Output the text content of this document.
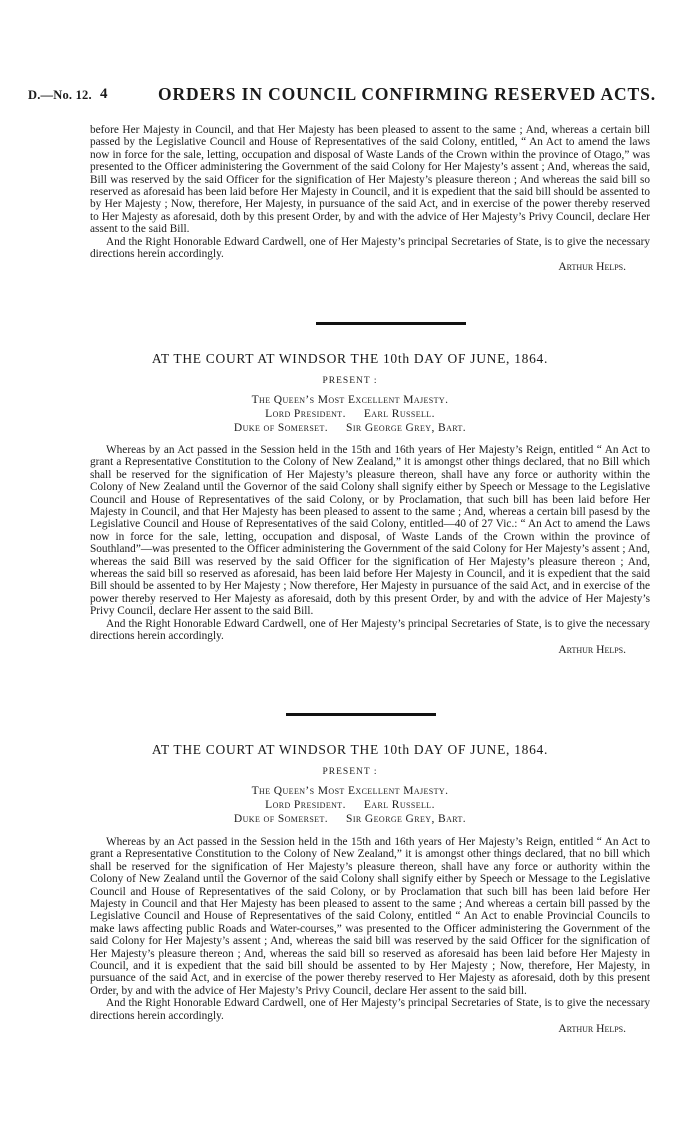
D.—No. 12. 4	ORDERS IN COUNCIL CONFIRMING RESERVED ACTS.

before Her Majesty in Council, and that Her Majesty has been pleased to assent to the same ; And, whereas a certain bill passed by the Legislative Council and House of Representatives of the said Colony, entitled, “ An Act to amend the laws now in force for the sale, letting, occupation and disposal of Waste Lands of the Crown within the province of Otago,” was presented to the Officer administering the Government of the said Colony for Her Majesty’s assent ; And, whereas the said, Bill was reserved by the said Officer for the signification of Her Majesty’s pleasure thereon ; And whereas the said bill so reserved as aforesaid has been laid before Her Majesty in Council, and it is expedient that the said bill should be assented to by Her Majesty ; Now, therefore, Her Majesty, in pursuance of the said Act, and in exercise of the power thereby reserved to Her Majesty as aforesaid, doth by this present Order, by and with the advice of Her Majesty’s Privy Council, declare Her assent to the said Bill.

And the Right Honorable Edward Cardwell, one of Her Majesty’s principal Secretaries of State, is to give the necessary directions herein accordingly.

Arthur Helps.

AT THE COURT AT WINDSOR THE 10th DAY OF JUNE, 1864.
PRESENT :
The Queen’s Most Excellent Majesty.
Lord President. Earl Russell.
Duke of Somerset. Sir George Grey, Bart.

Whereas by an Act passed in the Session held in the 15th and 16th years of Her Majesty’s Reign, entitled “ An Act to grant a Representative Constitution to the Colony of New Zealand,” it is amongst other things declared, that no Bill which shall be reserved for the signification of Her Majesty’s pleasure thereon, shall have any force or authority within the Colony of New Zealand until the Governor of the said Colony shall signify either by Speech or Message to the Legislative Council and House of Representatives of the said Colony, or by Proclamation, that such bill has been laid before Her Majesty in Council, and that Her Majesty has been pleased to assent to the same ; And, whereas a certain bill pasesd by the Legislative Council and House of Representatives of the said Colony, entitled—40 of 27 Vic.: “ An Act to amend the Laws now in force for the sale, letting, occupation and disposal, of Waste Lands of the Crown within the province of Southland”—was presented to the Officer administering the Government of the said Colony for Her Majesty’s assent ; And, whereas the said Bill was reserved by the said Officer for the signification of Her Majesty’s pleasure thereon ; And, whereas the said bill so reserved as aforesaid, has been laid before Her Majesty in Council, and it is expedient that the said Bill should be assented to by Her Majesty ; Now therefore, Her Majesty in pursuance of the said Act, and in exercise of the power thereby reserved to Her Majesty as aforesaid, doth by this present Order, by and with the advice of Her Majesty’s Privy Council, declare Her assent to the said Bill.

And the Right Honorable Edward Cardwell, one of Her Majesty’s principal Secretaries of State, is to give the necessary directions herein accordingly.

Arthur Helps.

AT THE COURT AT WINDSOR THE 10th DAY OF JUNE, 1864.
PRESENT :
The Queen’s Most Excellent Majesty.
Lord President. Earl Russell.
Duke of Somerset. Sir George Grey, Bart.

Whereas by an Act passed in the Session held in the 15th and 16th years of Her Majesty’s Reign, entitled “ An Act to grant a Representative Constitution to the Colony of New Zealand,” it is amongst other things declared, that no bill which shall be reserved for the signification of Her Majesty’s pleasure thereon, shall have any force or authority within the Colony of New Zealand until the Governor of the said Colony shall signify either by Speech or Message to the Legislative Council and House of Representatives of the said Colony, or by Proclamation that such bill has been laid before Her Majesty in Council and that Her Majesty has been pleased to assent to the same ; And whereas a certain bill passed by the Legislative Council and House of Representatives of the said Colony, entitled “ An Act to enable Provincial Councils to make laws affecting public Roads and Water-courses,” was presented to the Officer administering the Government of the said Colony for Her Majesty’s assent ; And, whereas the said bill was reserved by the said Officer for the signification of Her Majesty’s pleasure thereon ; And, whereas the said bill so reserved as aforesaid has been laid before Her Majesty in Council, and it is expedient that the said bill should be assented to by Her Majesty ; Now, therefore, Her Majesty, in pursuance of the said Act, and in exercise of the power thereby reserved to Her Majesty as aforesaid, doth by this present Order, by and with the advice of Her Majesty’s Privy Council, declare Her assent to the said bill.

And the Right Honorable Edward Cardwell, one of Her Majesty’s principal Secretaries of State, is to give the necessary directions herein accordingly.

Arthur Helps.
